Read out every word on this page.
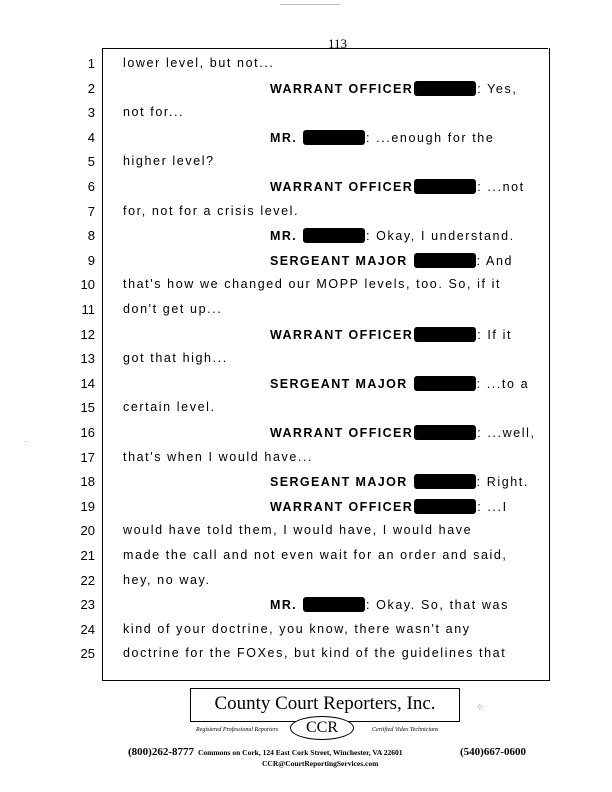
113
1 lower level, but not...
2	WARRANT OFFICER	: Yes,
3 not for...
4	MR.	: ...enough for the
5 higher level?
6	WARRANT OFFICER	: ...not
7 for, not for a crisis level.
8	MR.	: Okay, I understand.
9	SERGEANT MAJOR	: And
10 that's how we changed our MOPP levels, too. So, if it
11 don't get up...
12	WARRANT OFFICER	: If it
13 got that high...
14	SERGEANT MAJOR	: ...to a
15 certain level.
16	WARRANT OFFICER	: ...well,
17 that's when I would have...
18	SERGEANT MAJOR	: Right.
19	WARRANT OFFICER	: ...I
20 would have told them, I would have, I would have
21 made the call and not even wait for an order and said,
22 hey, no way.
23	MR.	: Okay. So, that was
24 kind of your doctrine, you know, there wasn't any
25 doctrine for the FOXes, but kind of the guidelines that
County Court Reporters, Inc.
CCR
Registered Professional Reporters	Certified Video Technicians
⁘
·
(800)262-8777 Commons on Cork, 124 East Cork Street, Winchester, VA 22601	(540)667-0600
CCR@CourtReportingServices.com
